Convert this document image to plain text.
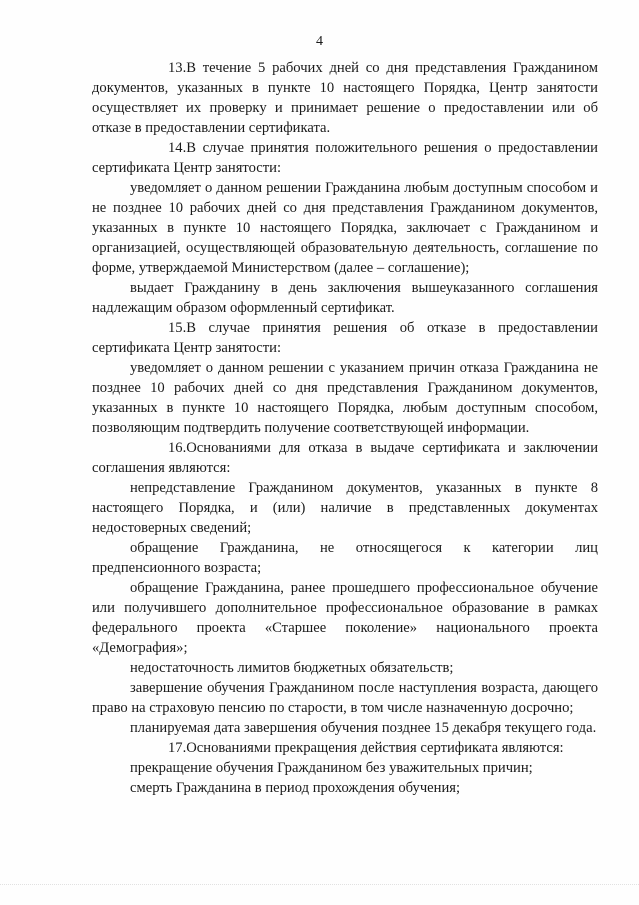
4

13.В течение 5 рабочих дней со дня представления Гражданином документов, указанных в пункте 10 настоящего Порядка, Центр занятости осуществляет их проверку и принимает решение о предоставлении или об отказе в предоставлении сертификата.

14.В случае принятия положительного решения о предоставлении сертификата Центр занятости:

уведомляет о данном решении Гражданина любым доступным способом и не позднее 10 рабочих дней со дня представления Гражданином документов, указанных в пункте 10 настоящего Порядка, заключает с Гражданином и организацией, осуществляющей образовательную деятельность, соглашение по форме, утверждаемой Министерством (далее – соглашение);

выдает Гражданину в день заключения вышеуказанного соглашения надлежащим образом оформленный сертификат.

15.В случае принятия решения об отказе в предоставлении сертификата Центр занятости:

уведомляет о данном решении с указанием причин отказа Гражданина не позднее 10 рабочих дней со дня представления Гражданином документов, указанных в пункте 10 настоящего Порядка, любым доступным способом, позволяющим подтвердить получение соответствующей информации.

16.Основаниями для отказа в выдаче сертификата и заключении соглашения являются:

непредставление Гражданином документов, указанных в пункте 8 настоящего Порядка, и (или) наличие в представленных документах недостоверных сведений;

обращение Гражданина, не относящегося к категории лиц предпенсионного возраста;

обращение Гражданина, ранее прошедшего профессиональное обучение или получившего дополнительное профессиональное образование в рамках федерального проекта «Старшее поколение» национального проекта «Демография»;

недостаточность лимитов бюджетных обязательств;

завершение обучения Гражданином после наступления возраста, дающего право на страховую пенсию по старости, в том числе назначенную досрочно;

планируемая дата завершения обучения позднее 15 декабря текущего года.

17.Основаниями прекращения действия сертификата являются:

прекращение обучения Гражданином без уважительных причин;

смерть Гражданина в период прохождения обучения;
